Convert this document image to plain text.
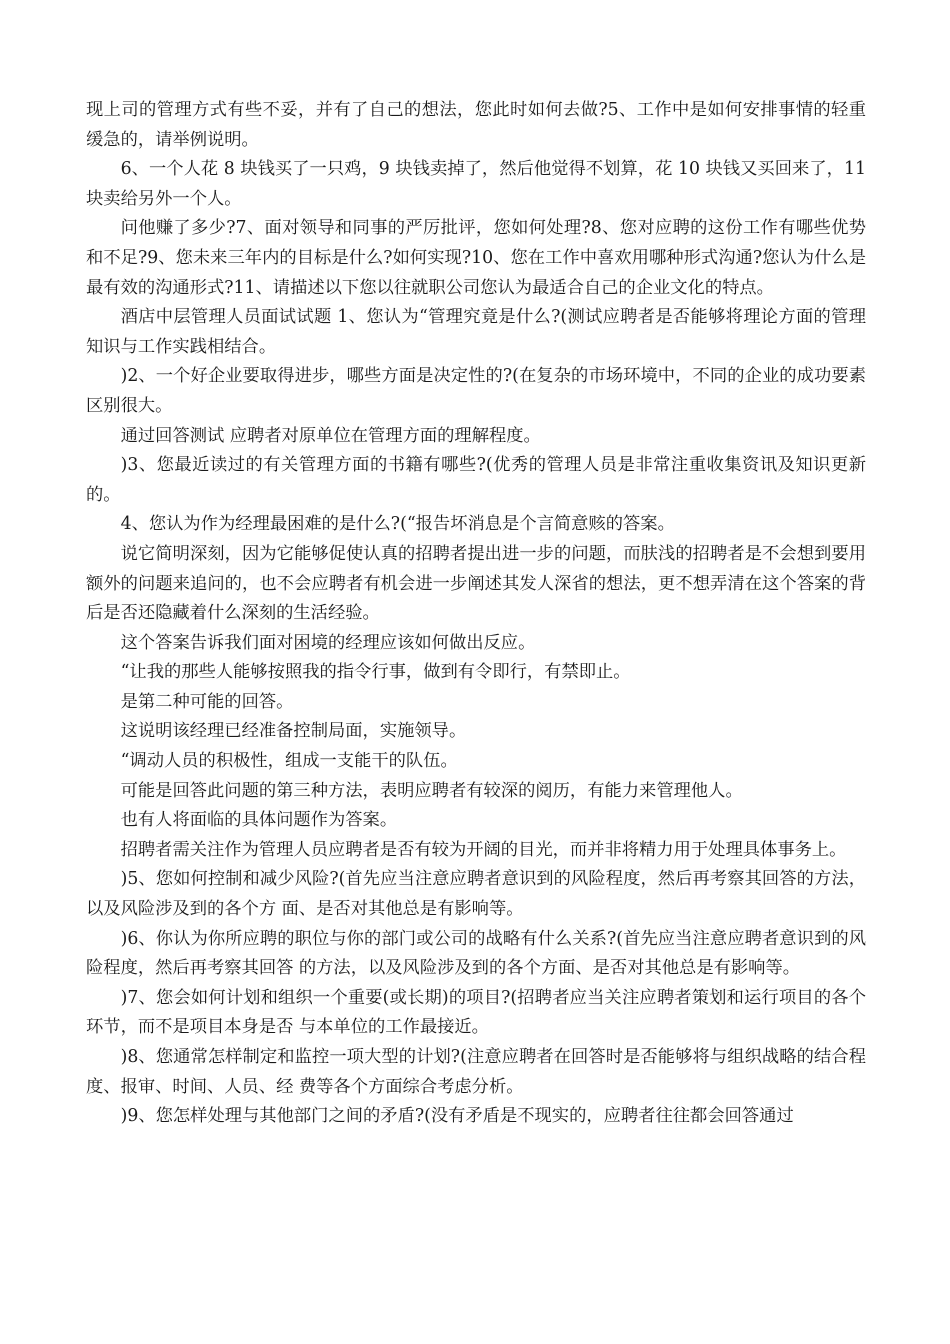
现上司的管理方式有些不妥，并有了自己的想法，您此时如何去做?5、工作中是如何安排事情的轻重缓急的，请举例说明。

6、一个人花 8 块钱买了一只鸡，9 块钱卖掉了，然后他觉得不划算，花 10 块钱又买回来了，11 块卖给另外一个人。

问他赚了多少?7、面对领导和同事的严厉批评，您如何处理?8、您对应聘的这份工作有哪些优势和不足?9、您未来三年内的目标是什么?如何实现?10、您在工作中喜欢用哪种形式沟通?您认为什么是最有效的沟通形式?11、请描述以下您以往就职公司您认为最适合自己的企业文化的特点。

酒店中层管理人员面试试题 1、您认为“管理究竟是什么?(测试应聘者是否能够将理论方面的管理知识与工作实践相结合。

)2、一个好企业要取得进步，哪些方面是决定性的?(在复杂的市场环境中，不同的企业的成功要素区别很大。

通过回答测试 应聘者对原单位在管理方面的理解程度。

)3、您最近读过的有关管理方面的书籍有哪些?(优秀的管理人员是非常注重收集资讯及知识更新的。

4、您认为作为经理最困难的是什么?(“报告坏消息是个言简意赅的答案。

说它简明深刻，因为它能够促使认真的招聘者提出进一步的问题，而肤浅的招聘者是不会想到要用额外的问题来追问的，也不会应聘者有机会进一步阐述其发人深省的想法，更不想弄清在这个答案的背后是否还隐藏着什么深刻的生活经验。

这个答案告诉我们面对困境的经理应该如何做出反应。

“让我的那些人能够按照我的指令行事，做到有令即行，有禁即止。

是第二种可能的回答。

这说明该经理已经准备控制局面，实施领导。

“调动人员的积极性，组成一支能干的队伍。

可能是回答此问题的第三种方法，表明应聘者有较深的阅历，有能力来管理他人。

也有人将面临的具体问题作为答案。

招聘者需关注作为管理人员应聘者是否有较为开阔的目光，而并非将精力用于处理具体事务上。

)5、您如何控制和减少风险?(首先应当注意应聘者意识到的风险程度，然后再考察其回答的方法，以及风险涉及到的各个方 面、是否对其他总是有影响等。

)6、你认为你所应聘的职位与你的部门或公司的战略有什么关系?(首先应当注意应聘者意识到的风险程度，然后再考察其回答 的方法，以及风险涉及到的各个方面、是否对其他总是有影响等。

)7、您会如何计划和组织一个重要(或长期)的项目?(招聘者应当关注应聘者策划和运行项目的各个环节，而不是项目本身是否 与本单位的工作最接近。

)8、您通常怎样制定和监控一项大型的计划?(注意应聘者在回答时是否能够将与组织战略的结合程度、报审、时间、人员、经 费等各个方面综合考虑分析。

)9、您怎样处理与其他部门之间的矛盾?(没有矛盾是不现实的，应聘者往往都会回答通过
